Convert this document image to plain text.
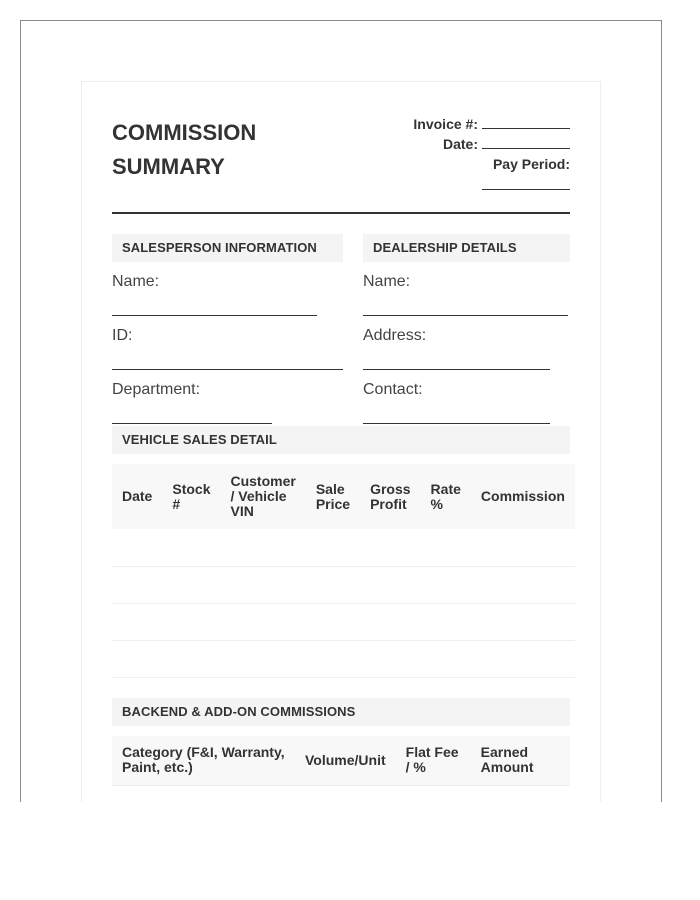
COMMISSION
SUMMARY
Invoice #:
Date:
Pay Period:
SALESPERSON INFORMATION
Name:
ID:
Department:
DEALERSHIP DETAILS
Name:
Address:
Contact:
VEHICLE SALES DETAIL
Date	Stock #	Customer / Vehicle VIN	Sale Price	Gross Profit	Rate %	Commission

BACKEND & ADD-ON COMMISSIONS
Category (F&I, Warranty, Paint, etc.)	Volume/Unit	Flat Fee / %	Earned Amount
